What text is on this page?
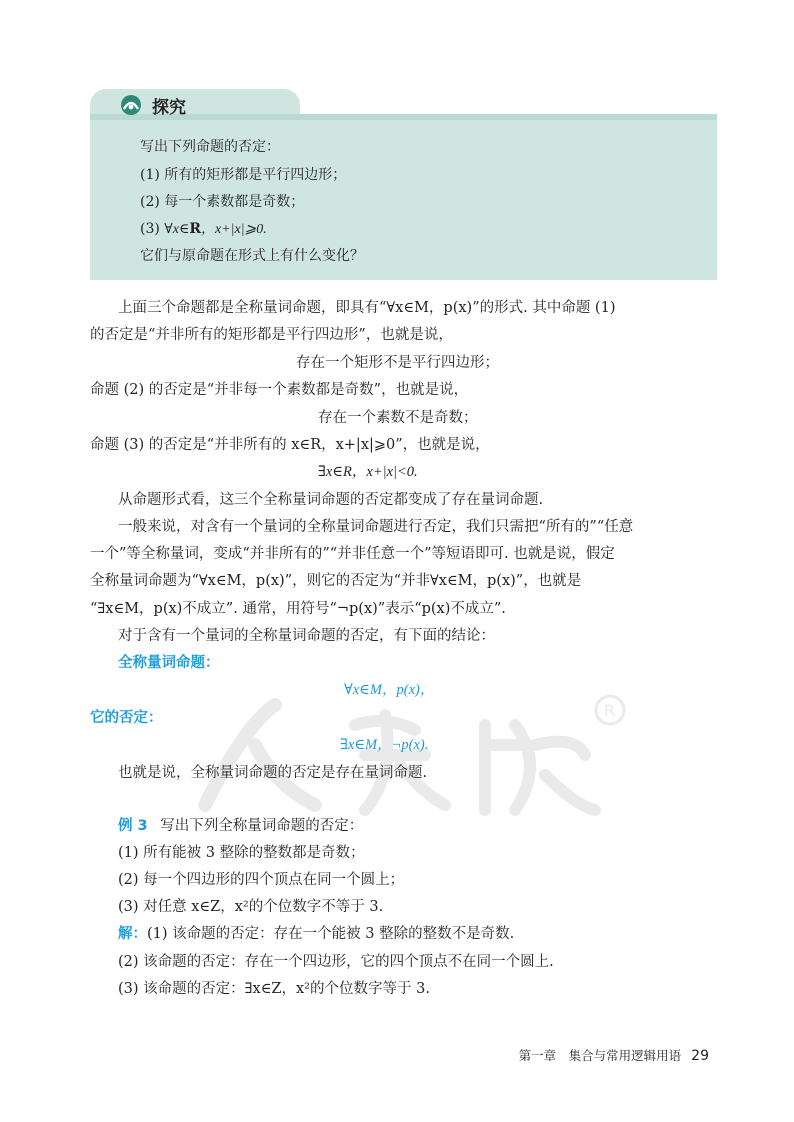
R
探究
写出下列命题的否定：
(1) 所有的矩形都是平行四边形；
(2) 每一个素数都是奇数；
(3) ∀x∈R，x+|x|⩾0.
它们与原命题在形式上有什么变化？
上面三个命题都是全称量词命题，即具有“∀x∈M，p(x)”的形式. 其中命题 (1)
的否定是“并非所有的矩形都是平行四边形”，也就是说，
存在一个矩形不是平行四边形；
命题 (2) 的否定是“并非每一个素数都是奇数”，也就是说，
存在一个素数不是奇数；
命题 (3) 的否定是“并非所有的 x∈R，x+|x|⩾0”，也就是说，
∃x∈R，x+|x|<0.
从命题形式看，这三个全称量词命题的否定都变成了存在量词命题.
一般来说，对含有一个量词的全称量词命题进行否定，我们只需把“所有的”“任意
一个”等全称量词，变成“并非所有的”“并非任意一个”等短语即可. 也就是说，假定
全称量词命题为“∀x∈M，p(x)”，则它的否定为“并非∀x∈M，p(x)”，也就是
“∃x∈M，p(x)不成立”. 通常，用符号“¬p(x)”表示“p(x)不成立”.
对于含有一个量词的全称量词命题的否定，有下面的结论：
全称量词命题：
∀x∈M，p(x)，
它的否定：
∃x∈M，¬p(x).
也就是说，全称量词命题的否定是存在量词命题.
例 3 写出下列全称量词命题的否定：
(1) 所有能被 3 整除的整数都是奇数；
(2) 每一个四边形的四个顶点在同一个圆上；
(3) 对任意 x∈Z，x²的个位数字不等于 3.
解：(1) 该命题的否定：存在一个能被 3 整除的整数不是奇数.
(2) 该命题的否定：存在一个四边形，它的四个顶点不在同一个圆上.
(3) 该命题的否定：∃x∈Z，x²的个位数字等于 3.
第一章　集合与常用逻辑用语 29
